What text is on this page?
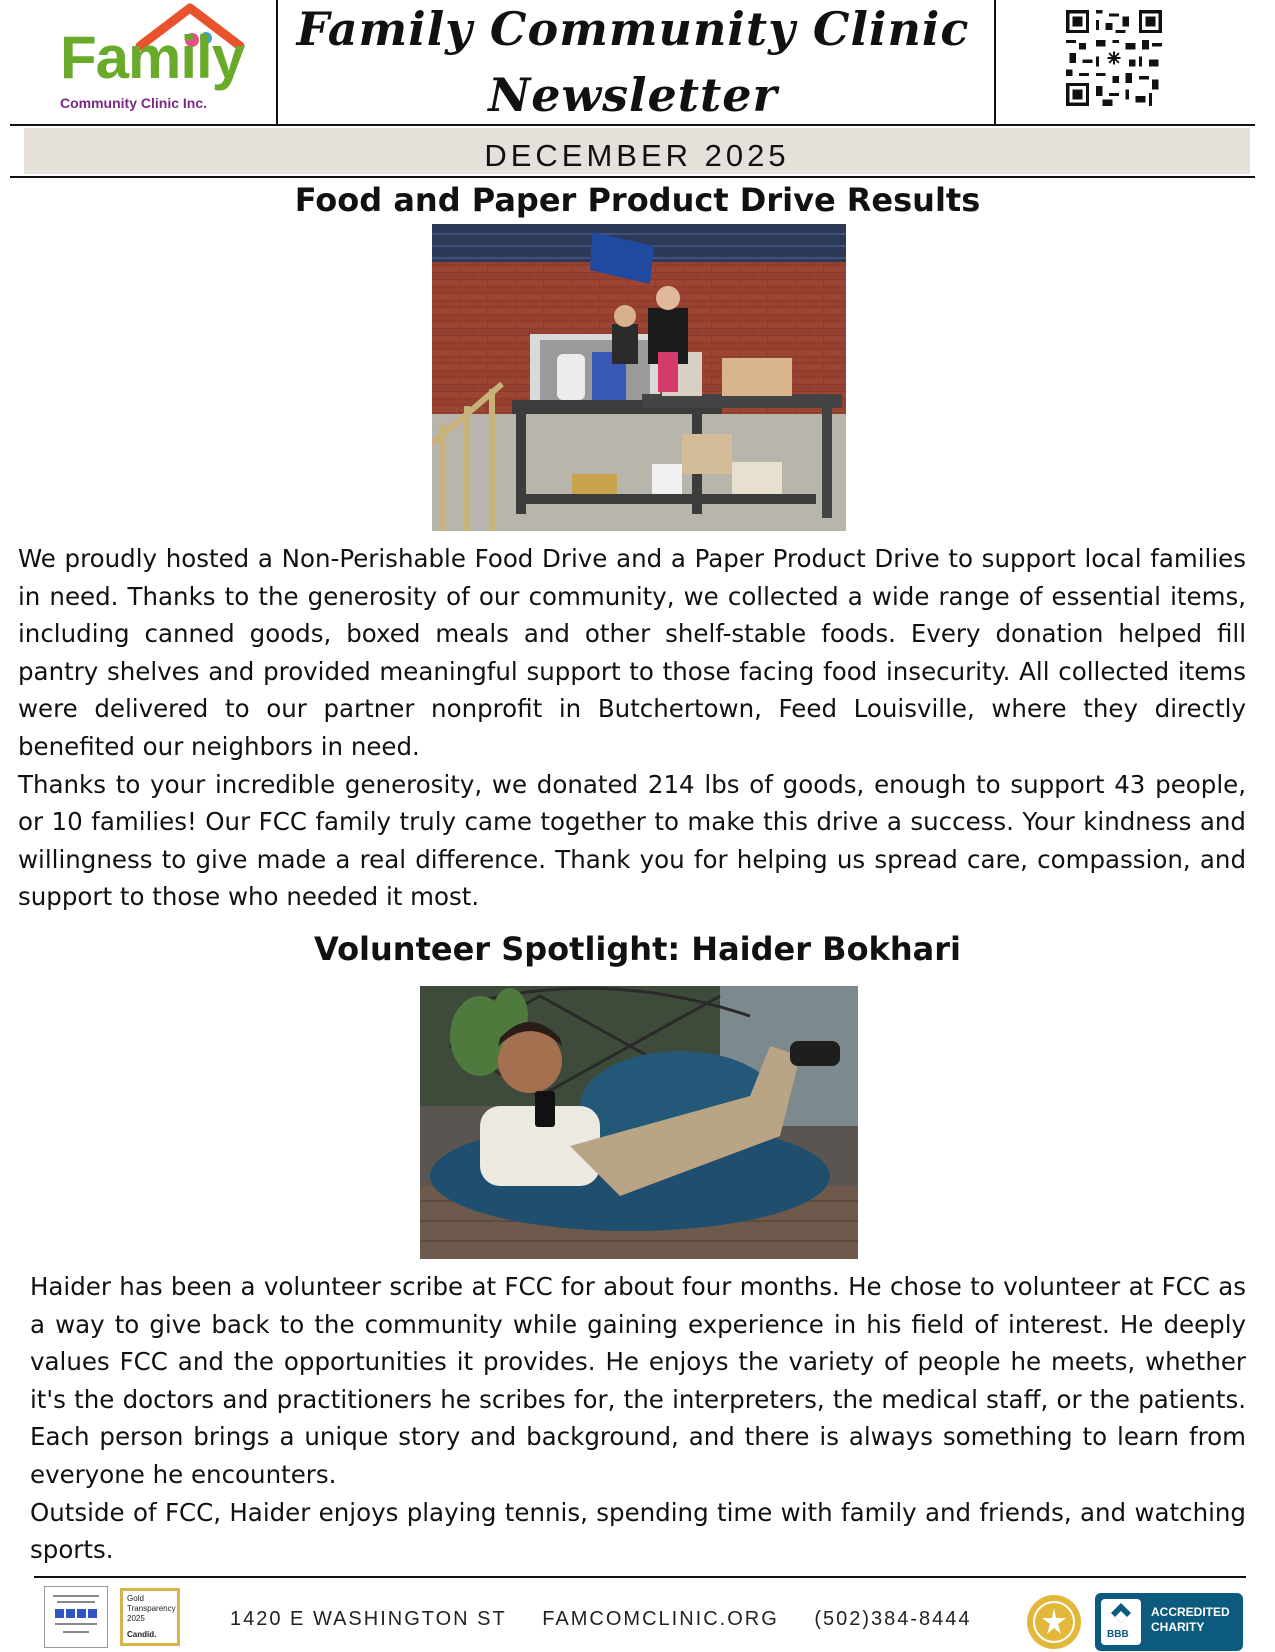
Family
Community Clinic Inc.
Family Community Clinic
Newsletter
DECEMBER 2025
Food and Paper Product Drive Results

We proudly hosted a Non-Perishable Food Drive and a Paper Product Drive to support local families in need. Thanks to the generosity of our community, we collected a wide range of essential items, including canned goods, boxed meals and other shelf-stable foods. Every donation helped fill pantry shelves and provided meaningful support to those facing food insecurity. All collected items were delivered to our partner nonprofit in Butchertown, Feed Louisville, where they directly benefited our neighbors in need.

Thanks to your incredible generosity, we donated 214 lbs of goods, enough to support 43 people, or 10 families! Our FCC family truly came together to make this drive a success. Your kindness and willingness to give made a real difference. Thank you for helping us spread care, compassion, and support to those who needed it most.

Volunteer Spotlight: Haider Bokhari

Haider has been a volunteer scribe at FCC for about four months. He chose to volunteer at FCC as a way to give back to the community while gaining experience in his field of interest. He deeply values FCC and the opportunities it provides. He enjoys the variety of people he meets, whether it's the doctors and practitioners he scribes for, the interpreters, the medical staff, or the patients. Each person brings a unique story and background, and there is always something to learn from everyone he encounters.

Outside of FCC, Haider enjoys playing tennis, spending time with family and friends, and watching sports.

Gold
Transparency
2025
Candid.
1420 E WASHINGTON ST FAMCOMCLINIC.ORG (502)384-8444
BBB
ACCREDITED
CHARITY
